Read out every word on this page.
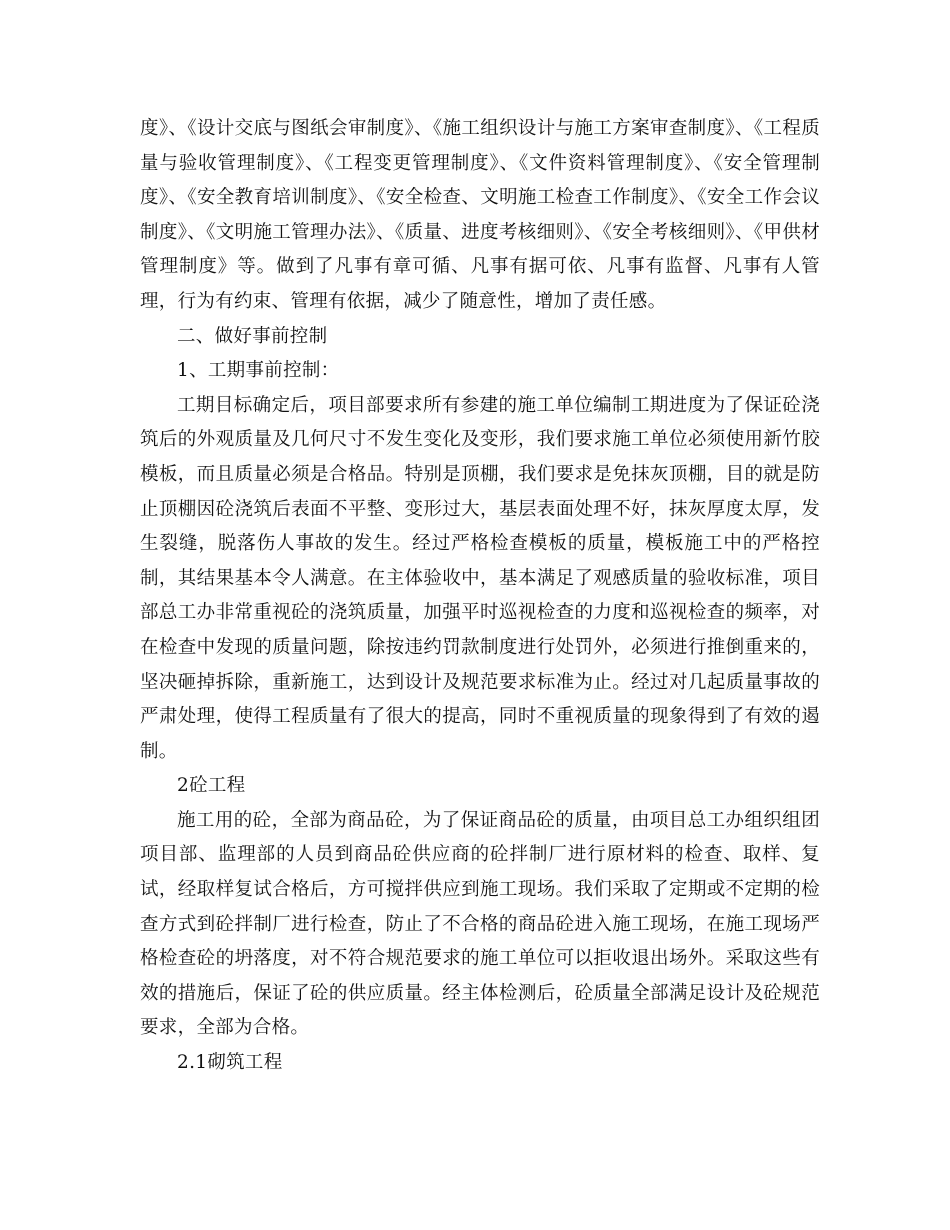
度》、《设计交底与图纸会审制度》、《施工组织设计与施工方案审查制度》、《工程质量与验收管理制度》、《工程变更管理制度》、《文件资料管理制度》、《安全管理制度》、《安全教育培训制度》、《安全检查、文明施工检查工作制度》、《安全工作会议制度》、《文明施工管理办法》、《质量、进度考核细则》、《安全考核细则》、《甲供材管理制度》等。做到了凡事有章可循、凡事有据可依、凡事有监督、凡事有人管理，行为有约束、管理有依据，减少了随意性，增加了责任感。

二、做好事前控制

1、工期事前控制：

工期目标确定后，项目部要求所有参建的施工单位编制工期进度为了保证砼浇筑后的外观质量及几何尺寸不发生变化及变形，我们要求施工单位必须使用新竹胶模板，而且质量必须是合格品。特别是顶棚，我们要求是免抹灰顶棚，目的就是防止顶棚因砼浇筑后表面不平整、变形过大，基层表面处理不好，抹灰厚度太厚，发生裂缝，脱落伤人事故的发生。经过严格检查模板的质量，模板施工中的严格控制，其结果基本令人满意。在主体验收中，基本满足了观感质量的验收标准，项目部总工办非常重视砼的浇筑质量，加强平时巡视检查的力度和巡视检查的频率，对在检查中发现的质量问题，除按违约罚款制度进行处罚外，必须进行推倒重来的，坚决砸掉拆除，重新施工，达到设计及规范要求标准为止。经过对几起质量事故的严肃处理，使得工程质量有了很大的提高，同时不重视质量的现象得到了有效的遏制。

2砼工程

施工用的砼，全部为商品砼，为了保证商品砼的质量，由项目总工办组织组团项目部、监理部的人员到商品砼供应商的砼拌制厂进行原材料的检查、取样、复试，经取样复试合格后，方可搅拌供应到施工现场。我们采取了定期或不定期的检查方式到砼拌制厂进行检查，防止了不合格的商品砼进入施工现场，在施工现场严格检查砼的坍落度，对不符合规范要求的施工单位可以拒收退出场外。采取这些有效的措施后，保证了砼的供应质量。经主体检测后，砼质量全部满足设计及砼规范要求，全部为合格。

2.1砌筑工程
